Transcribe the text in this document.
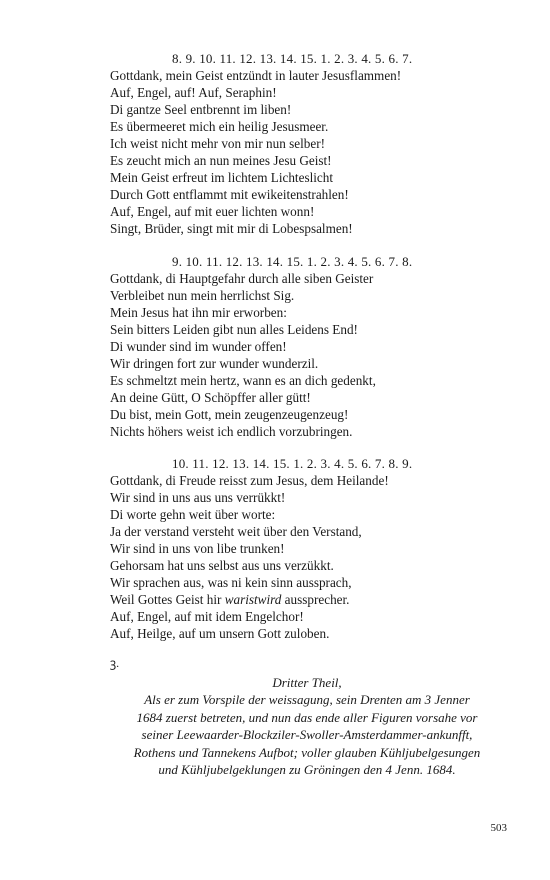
8. 9. 10. 11. 12. 13. 14. 15. 1. 2. 3. 4. 5. 6. 7.
Gottdank, mein Geist entzündt in lauter Jesusflammen!
Auf, Engel, auf! Auf, Seraphin!
Di gantze Seel entbrennt im liben!
Es übermeeret mich ein heilig Jesusmeer.
Ich weist nicht mehr von mir nun selber!
Es zeucht mich an nun meines Jesu Geist!
Mein Geist erfreut im lichtem Lichteslicht
Durch Gott entflammt mit ewikeitenstrahlen!
Auf, Engel, auf mit euer lichten wonn!
Singt, Brüder, singt mit mir di Lobespsalmen!
9. 10. 11. 12. 13. 14. 15. 1. 2. 3. 4. 5. 6. 7. 8.
Gottdank, di Hauptgefahr durch alle siben Geister
Verbleibet nun mein herrlichst Sig.
Mein Jesus hat ihn mir erworben:
Sein bitters Leiden gibt nun alles Leidens End!
Di wunder sind im wunder offen!
Wir dringen fort zur wunder wunderzil.
Es schmeltzt mein hertz, wann es an dich gedenkt,
An deine Gütt, O Schöpffer aller gütt!
Du bist, mein Gott, mein zeugenzeugenzeug!
Nichts höhers weist ich endlich vorzubringen.
10. 11. 12. 13. 14. 15. 1. 2. 3. 4. 5. 6. 7. 8. 9.
Gottdank, di Freude reisst zum Jesus, dem Heilande!
Wir sind in uns aus uns verrükkt!
Di worte gehn weit über worte:
Ja der verstand versteht weit über den Verstand,
Wir sind in uns von libe trunken!
Gehorsam hat uns selbst aus uns verzükkt.
Wir sprachen aus, was ni kein sinn aussprach,
Weil Gottes Geist hir waristwird aussprecher.
Auf, Engel, auf mit idem Engelchor!
Auf, Heilge, auf um unsern Gott zuloben.
ꝫ.
Dritter Theil,
Als er zum Vorspile der weissagung, sein Drenten am 3 Jenner
1684 zuerst betreten, und nun das ende aller Figuren vorsahe vor
seiner Leewaarder-Blockziler-Swoller-Amsterdammer-ankunfft,
Rothens und Tannekens Aufbot; voller glauben Kühljubelgesungen
und Kühljubelgeklungen zu Gröningen den 4 Jenn. 1684.
503
